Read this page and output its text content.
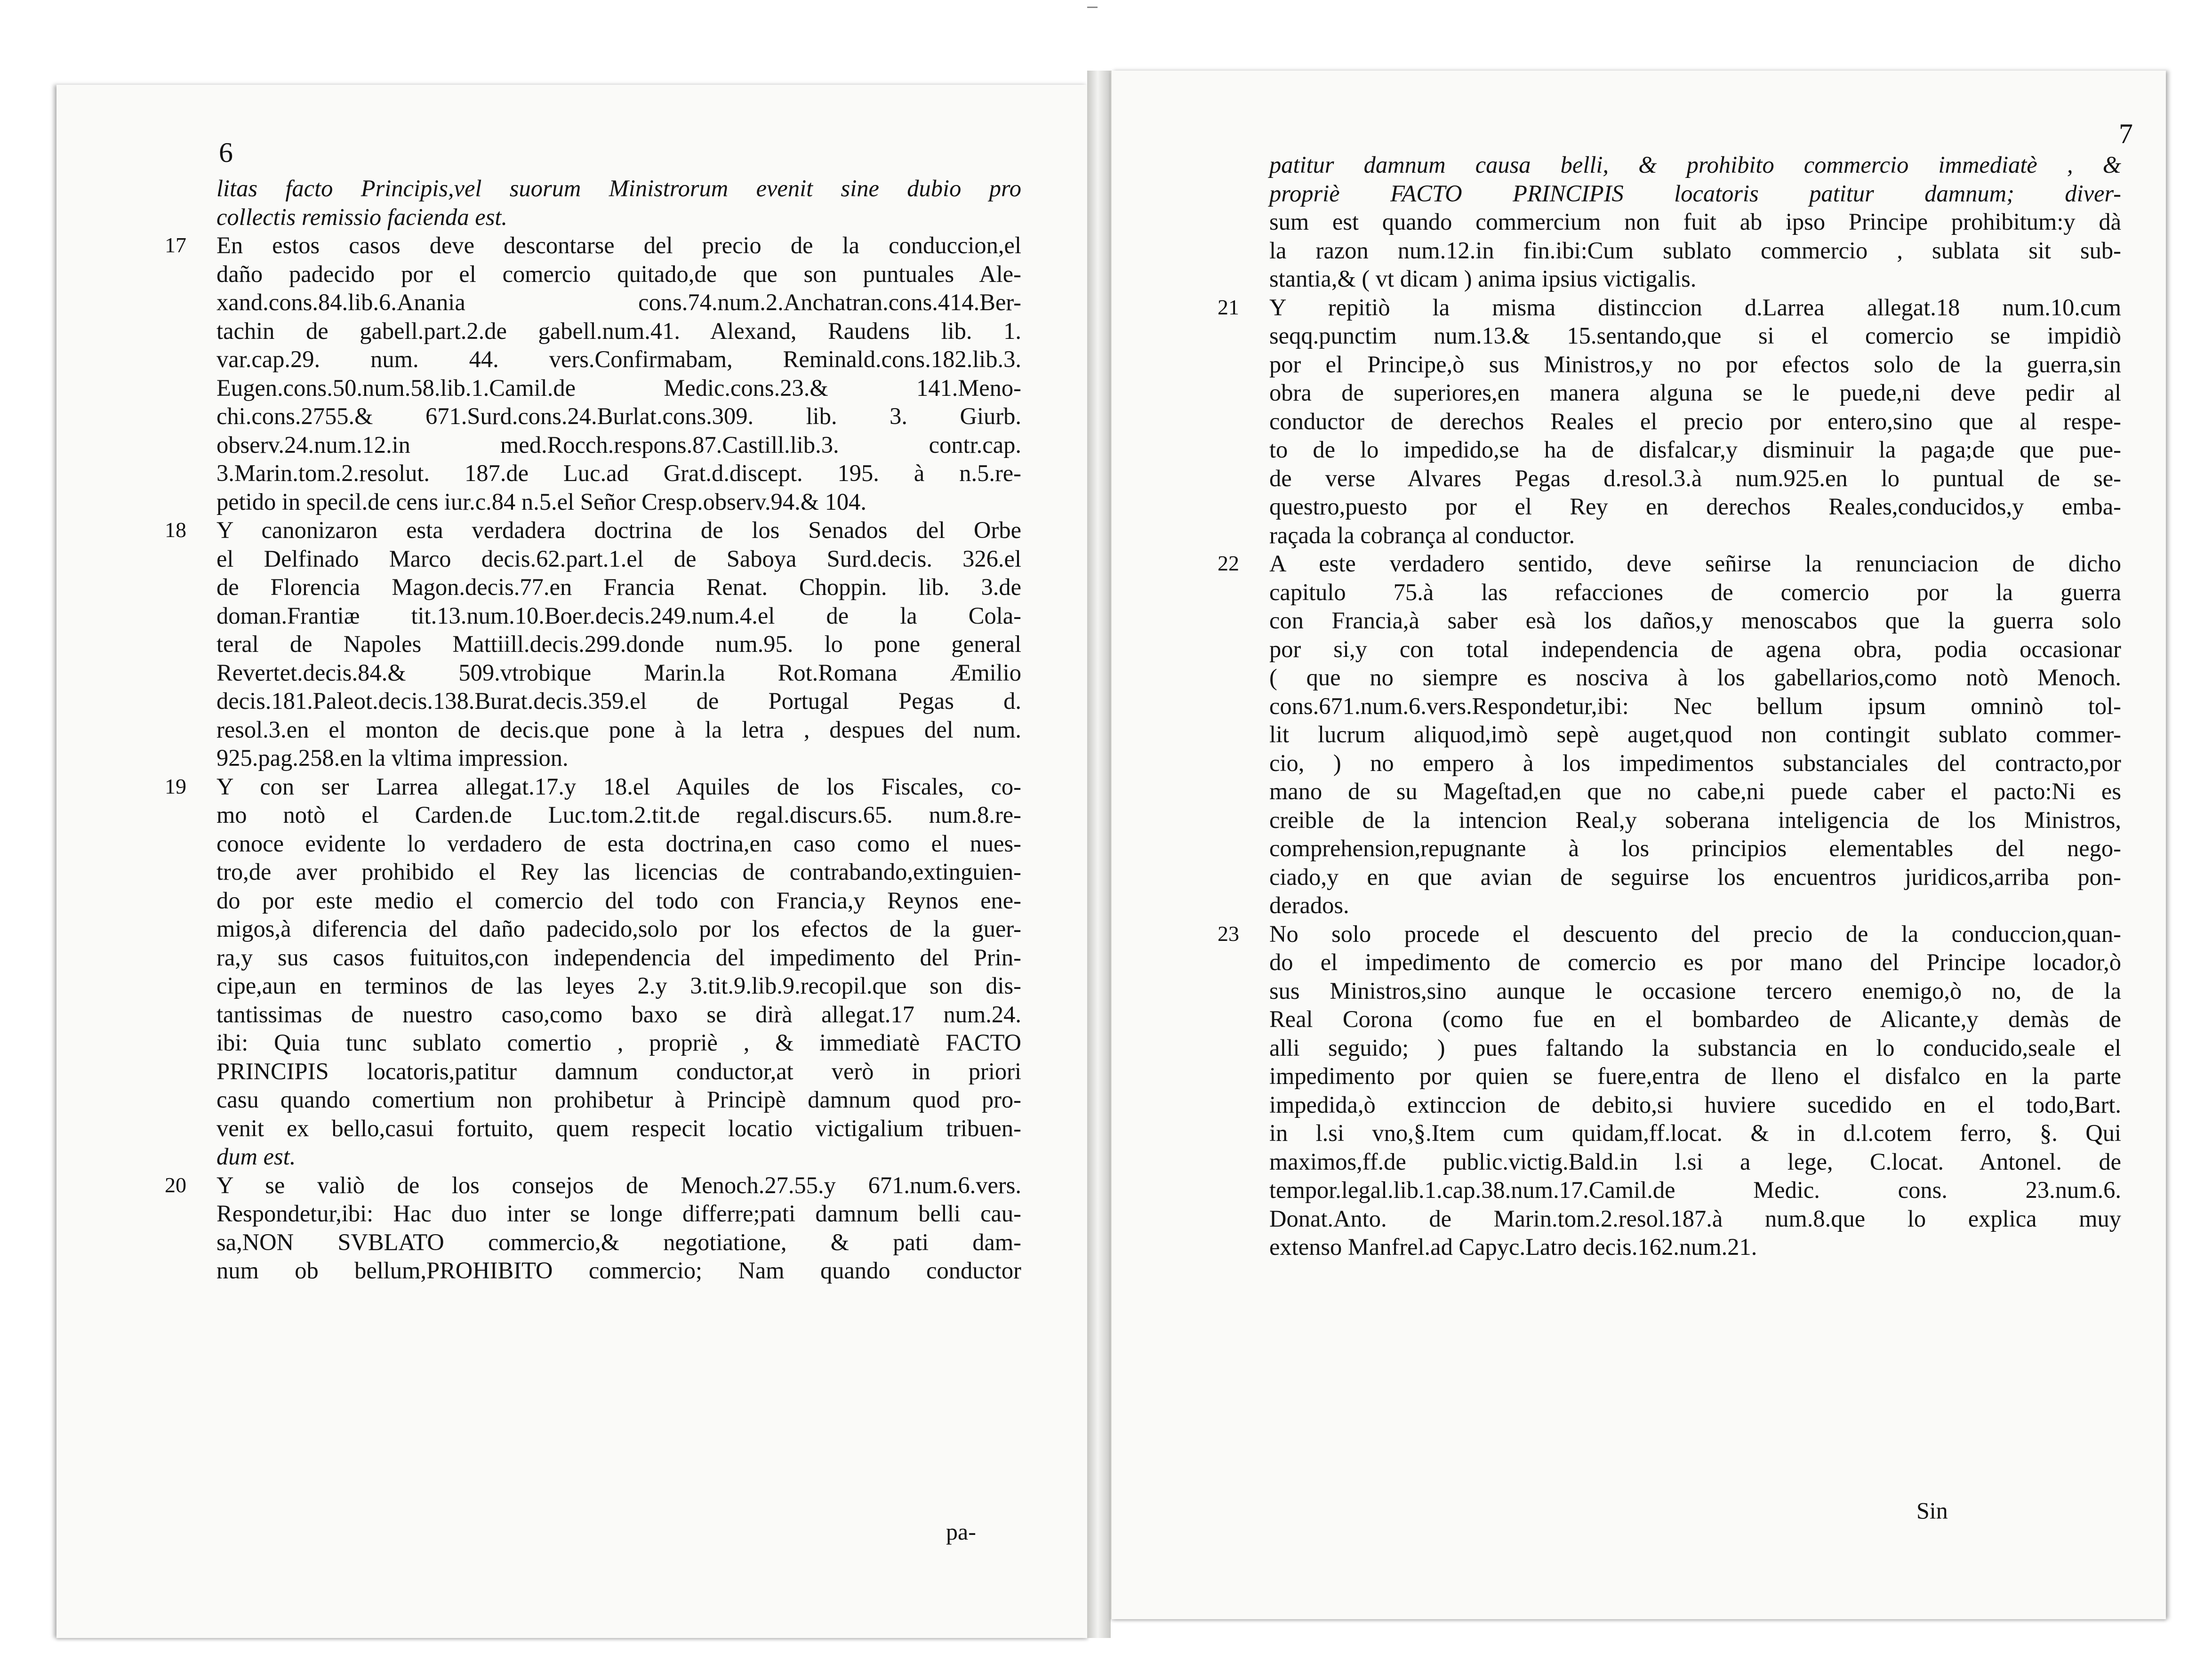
6
litas facto Principis,vel suorum Ministrorum evenit sine dubio pro
collectis remissio facienda est.
17 En estos casos deve descontarse del precio de la conduccion,el
daño padecido por el comercio quitado,de que son puntuales Ale-
xand.cons.84.lib.6.Anania cons.74.num.2.Anchatran.cons.414.Ber-
tachin de gabell.part.2.de gabell.num.41. Alexand, Raudens lib. 1.
var.cap.29. num. 44. vers.Confirmabam, Reminald.cons.182.lib.3.
Eugen.cons.50.num.58.lib.1.Camil.de Medic.cons.23.& 141.Meno-
chi.cons.2755.& 671.Surd.cons.24.Burlat.cons.309. lib. 3. Giurb.
observ.24.num.12.in med.Rocch.respons.87.Castill.lib.3. contr.cap.
3.Marin.tom.2.resolut. 187.de Luc.ad Grat.d.discept. 195. à n.5.re-
petido in specil.de cens iur.c.84 n.5.el Señor Cresp.observ.94.& 104.
18 Y canonizaron esta verdadera doctrina de los Senados del Orbe
el Delfinado Marco decis.62.part.1.el de Saboya Surd.decis. 326.el
de Florencia Magon.decis.77.en Francia Renat. Choppin. lib. 3.de
doman.Frantiæ tit.13.num.10.Boer.decis.249.num.4.el de la Cola-
teral de Napoles Mattiill.decis.299.donde num.95. lo pone general
Revertet.decis.84.& 509.vtrobique Marin.la Rot.Romana Æmilio
decis.181.Paleot.decis.138.Burat.decis.359.el de Portugal Pegas d.
resol.3.en el monton de decis.que pone à la letra , despues del num.
925.pag.258.en la vltima impression.
19 Y con ser Larrea allegat.17.y 18.el Aquiles de los Fiscales, co-
mo notò el Carden.de Luc.tom.2.tit.de regal.discurs.65. num.8.re-
conoce evidente lo verdadero de esta doctrina,en caso como el nues-
tro,de aver prohibido el Rey las licencias de contrabando,extinguien-
do por este medio el comercio del todo con Francia,y Reynos ene-
migos,à diferencia del daño padecido,solo por los efectos de la guer-
ra,y sus casos fuituitos,con independencia del impedimento del Prin-
cipe,aun en terminos de las leyes 2.y 3.tit.9.lib.9.recopil.que son dis-
tantissimas de nuestro caso,como baxo se dirà allegat.17 num.24.
ibi: Quia tunc sublato comertio , propriè , & immediatè FACTO
PRINCIPIS locatoris,patitur damnum conductor,at verò in priori
casu quando comertium non prohibetur à Principè damnum quod pro-
venit ex bello,casui fortuito, quem respecit locatio victigalium tribuen-
dum est.
20 Y se valiò de los consejos de Menoch.27.55.y 671.num.6.vers.
Respondetur,ibi: Hac duo inter se longe differre;pati damnum belli cau-
sa,NON SVBLATO commercio,& negotiatione, & pati dam-
num ob bellum,PROHIBITO commercio; Nam quando conductor
pa-
7
patitur damnum causa belli, & prohibito commercio immediatè , &
propriè FACTO PRINCIPIS locatoris patitur damnum; diver-
sum est quando commercium non fuit ab ipso Principe prohibitum:y dà
la razon num.12.in fin.ibi:Cum sublato commercio , sublata sit sub-
stantia,& ( vt dicam ) anima ipsius victigalis.
21 Y repitiò la misma distinccion d.Larrea allegat.18 num.10.cum
seqq.punctim num.13.& 15.sentando,que si el comercio se impidiò
por el Principe,ò sus Ministros,y no por efectos solo de la guerra,sin
obra de superiores,en manera alguna se le puede,ni deve pedir al
conductor de derechos Reales el precio por entero,sino que al respe-
to de lo impedido,se ha de disfalcar,y disminuir la paga;de que pue-
de verse Alvares Pegas d.resol.3.à num.925.en lo puntual de se-
questro,puesto por el Rey en derechos Reales,conducidos,y emba-
raçada la cobrança al conductor.
22 A este verdadero sentido, deve señirse la renunciacion de dicho
capitulo 75.à las refacciones de comercio por la guerra
con Francia,à saber esà los daños,y menoscabos que la guerra solo
por si,y con total independencia de agena obra, podia occasionar
( que no siempre es nosciva à los gabellarios,como notò Menoch.
cons.671.num.6.vers.Respondetur,ibi: Nec bellum ipsum omninò tol-
lit lucrum aliquod,imò sepè auget,quod non contingit sublato commer-
cio, ) no empero à los impedimentos substanciales del contracto,por
mano de su Mageſtad,en que no cabe,ni puede caber el pacto:Ni es
creible de la intencion Real,y soberana inteligencia de los Ministros,
comprehension,repugnante à los principios elementables del nego-
ciado,y en que avian de seguirse los encuentros juridicos,arriba pon-
derados.
23 No solo procede el descuento del precio de la conduccion,quan-
do el impedimento de comercio es por mano del Principe locador,ò
sus Ministros,sino aunque le occasione tercero enemigo,ò no, de la
Real Corona (como fue en el bombardeo de Alicante,y demàs de
alli seguido; ) pues faltando la substancia en lo conducido,seale el
impedimento por quien se fuere,entra de lleno el disfalco en la parte
impedida,ò extinccion de debito,si huviere sucedido en el todo,Bart.
in l.si vno,§.Item cum quidam,ff.locat. & in d.l.cotem ferro, §. Qui
maximos,ff.de public.victig.Bald.in l.si a lege, C.locat. Antonel. de
tempor.legal.lib.1.cap.38.num.17.Camil.de Medic. cons. 23.num.6.
Donat.Anto. de Marin.tom.2.resol.187.à num.8.que lo explica muy
extenso Manfrel.ad Capyc.Latro decis.162.num.21.
Sin
